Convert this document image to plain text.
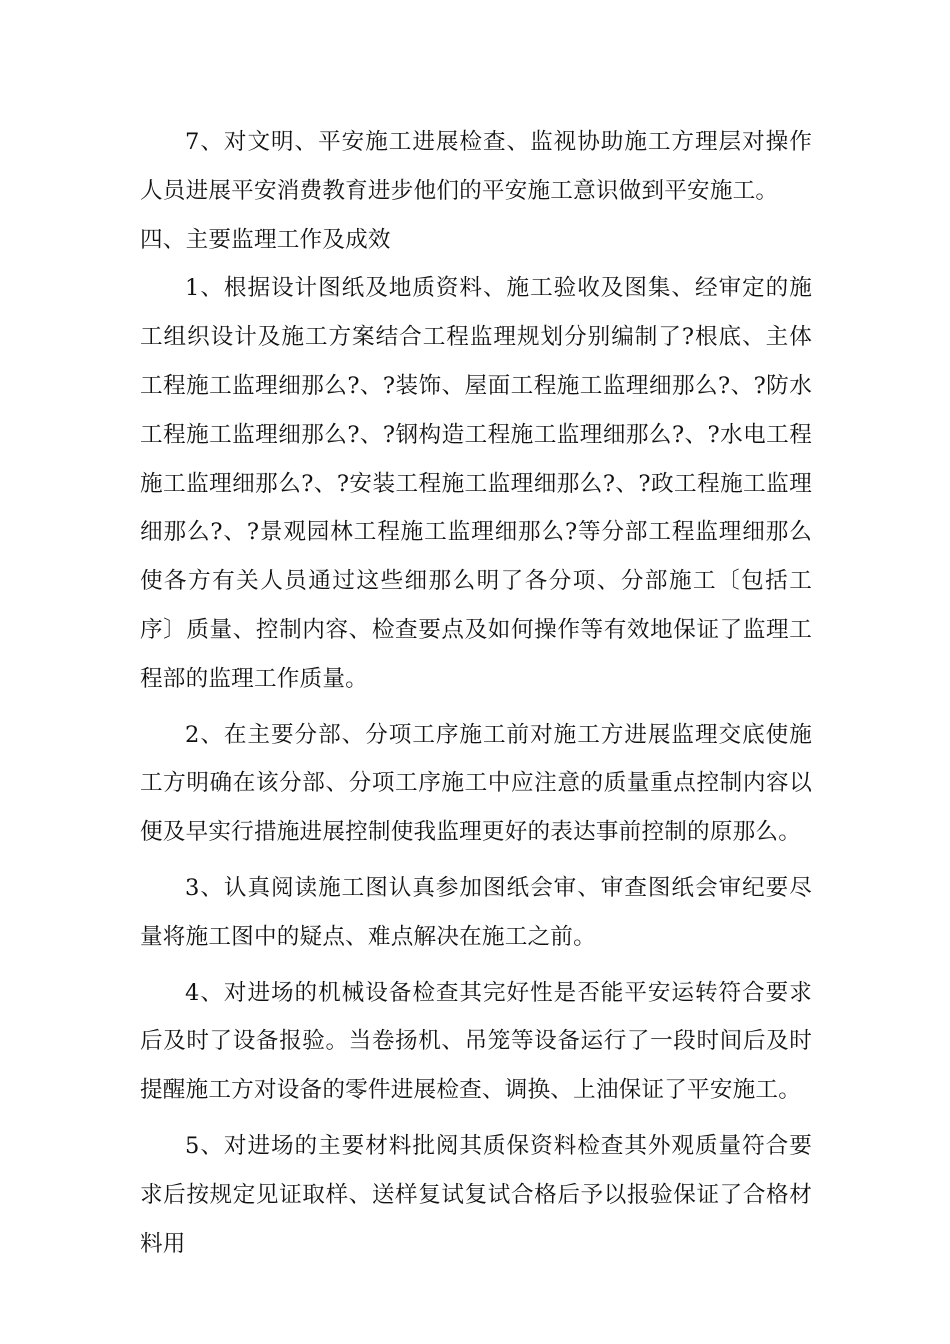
7、对文明、平安施工进展检查、监视协助施工方理层对操作人员进展平安消费教育进步他们的平安施工意识做到平安施工。

四、主要监理工作及成效

1、根据设计图纸及地质资料、施工验收及图集、经审定的施工组织设计及施工方案结合工程监理规划分别编制了?根底、主体工程施工监理细那么?、?装饰、屋面工程施工监理细那么?、?防水工程施工监理细那么?、?钢构造工程施工监理细那么?、?水电工程施工监理细那么?、?安装工程施工监理细那么?、?政工程施工监理细那么?、?景观园林工程施工监理细那么?等分部工程监理细那么使各方有关人员通过这些细那么明了各分项、分部施工〔包括工序〕质量、控制内容、检查要点及如何操作等有效地保证了监理工程部的监理工作质量。

2、在主要分部、分项工序施工前对施工方进展监理交底使施工方明确在该分部、分项工序施工中应注意的质量重点控制内容以便及早实行措施进展控制使我监理更好的表达事前控制的原那么。

3、认真阅读施工图认真参加图纸会审、审查图纸会审纪要尽量将施工图中的疑点、难点解决在施工之前。

4、对进场的机械设备检查其完好性是否能平安运转符合要求后及时了设备报验。当卷扬机、吊笼等设备运行了一段时间后及时提醒施工方对设备的零件进展检查、调换、上油保证了平安施工。

5、对进场的主要材料批阅其质保资料检查其外观质量符合要求后按规定见证取样、送样复试复试合格后予以报验保证了合格材料用
